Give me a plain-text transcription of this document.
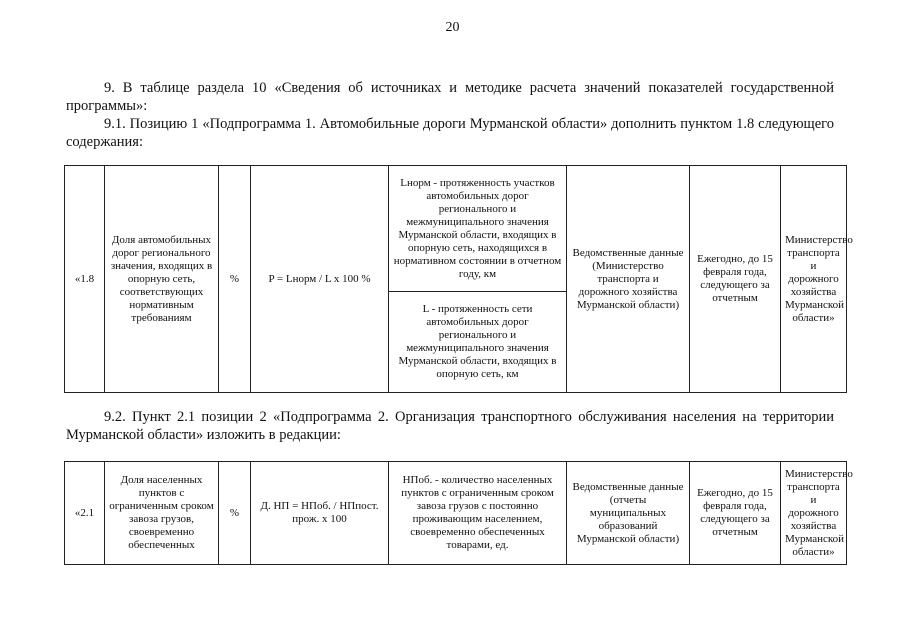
20
9. В таблице раздела 10 «Сведения об источниках и методике расчета значений показателей государственной программы»:
9.1. Позицию 1 «Подпрограмма 1. Автомобильные дороги Мурманской области» дополнить пунктом 1.8 следующего содержания:
«1.8	Доля автомобильных дорог регионального значения, входящих в опорную сеть, соответствующих нормативным требованиям	%	P = Lнорм / L x 100 %	Lнорм - протяженность участков автомобильных дорог регионального и межмуниципального значения Мурманской области, входящих в опорную сеть, находящихся в нормативном состоянии в отчетном году, км	Ведомственные данные (Министерство транспорта и дорожного хозяйства Мурманской области)	Ежегодно, до 15 февраля года, следующего за отчетным	Министерство транспорта и дорожного хозяйства Мурманской области»
L - протяженность сети автомобильных дорог регионального и межмуниципального значения Мурманской области, входящих в опорную сеть, км
9.2. Пункт 2.1 позиции 2 «Подпрограмма 2. Организация транспортного обслуживания населения на территории Мурманской области» изложить в редакции:
«2.1	Доля населенных пунктов с ограниченным сроком завоза грузов, своевременно обеспеченных	%	Д. НП = НПоб. / НПпост. прож. x 100	НПоб. - количество населенных пунктов с ограниченным сроком завоза грузов с постоянно проживающим населением, своевременно обеспеченных товарами, ед.	Ведомственные данные (отчеты муниципальных образований Мурманской области)	Ежегодно, до 15 февраля года, следующего за отчетным	Министерство транспорта и дорожного хозяйства Мурманской области»
